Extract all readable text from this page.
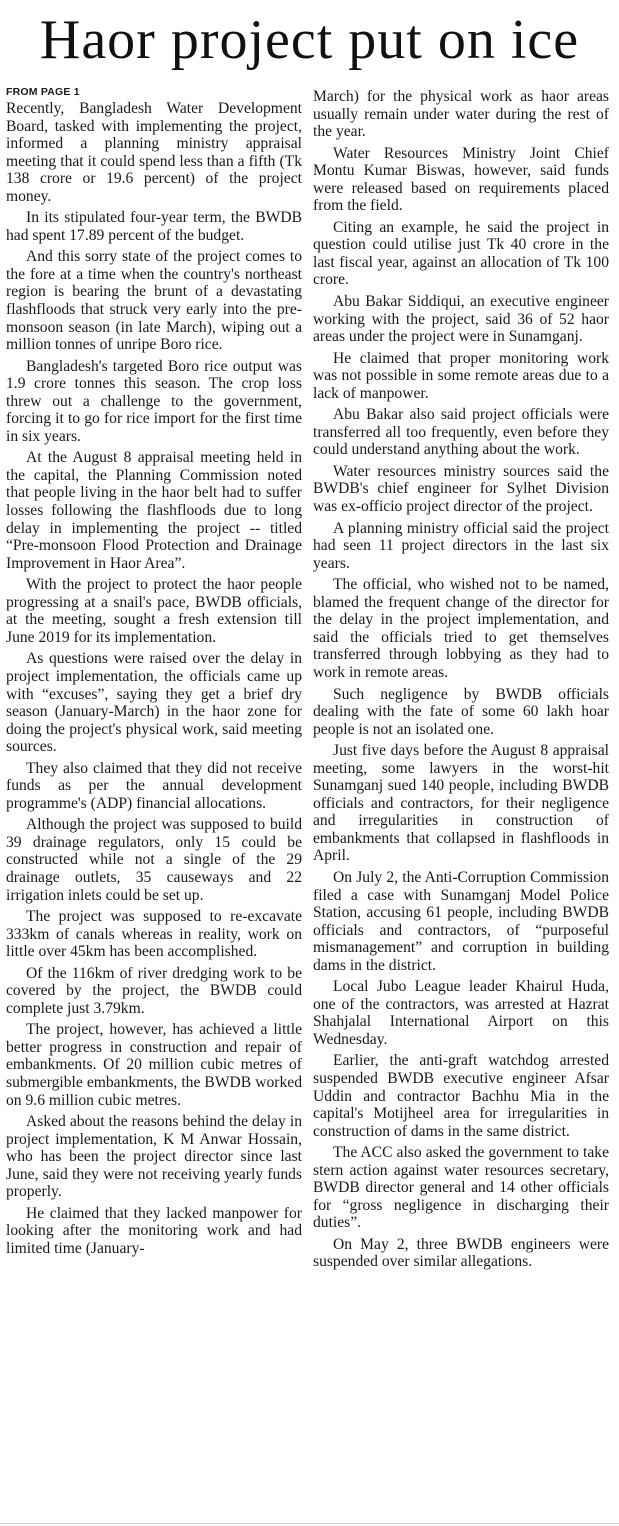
Haor project put on ice
FROM PAGE 1

Recently, Bangladesh Water Development Board, tasked with implementing the project, informed a planning ministry appraisal meeting that it could spend less than a fifth (Tk 138 crore or 19.6 percent) of the project money.

In its stipulated four-year term, the BWDB had spent 17.89 percent of the budget.

And this sorry state of the project comes to the fore at a time when the country's northeast region is bearing the brunt of a devastating flashfloods that struck very early into the pre-monsoon season (in late March), wiping out a million tonnes of unripe Boro rice.

Bangladesh's targeted Boro rice output was 1.9 crore tonnes this season. The crop loss threw out a challenge to the government, forcing it to go for rice import for the first time in six years.

At the August 8 appraisal meeting held in the capital, the Planning Commission noted that people living in the haor belt had to suffer losses following the flashfloods due to long delay in implementing the project -- titled “Pre-monsoon Flood Protection and Drainage Improvement in Haor Area”.

With the project to protect the haor people progressing at a snail's pace, BWDB officials, at the meeting, sought a fresh extension till June 2019 for its implementation.

As questions were raised over the delay in project implementation, the officials came up with “excuses”, saying they get a brief dry season (January-March) in the haor zone for doing the project's physical work, said meeting sources.

They also claimed that they did not receive funds as per the annual development programme's (ADP) financial allocations.

Although the project was supposed to build 39 drainage regulators, only 15 could be constructed while not a single of the 29 drainage outlets, 35 causeways and 22 irrigation inlets could be set up.

The project was supposed to re-excavate 333km of canals whereas in reality, work on little over 45km has been accomplished.

Of the 116km of river dredging work to be covered by the project, the BWDB could complete just 3.79km.

The project, however, has achieved a little better progress in construction and repair of embankments. Of 20 million cubic metres of submergible embankments, the BWDB worked on 9.6 million cubic metres.

Asked about the reasons behind the delay in project implementation, K M Anwar Hossain, who has been the project director since last June, said they were not receiving yearly funds properly.

He claimed that they lacked manpower for looking after the monitoring work and had limited time (January-

March) for the physical work as haor areas usually remain under water during the rest of the year.

Water Resources Ministry Joint Chief Montu Kumar Biswas, however, said funds were released based on requirements placed from the field.

Citing an example, he said the project in question could utilise just Tk 40 crore in the last fiscal year, against an allocation of Tk 100 crore.

Abu Bakar Siddiqui, an executive engineer working with the project, said 36 of 52 haor areas under the project were in Sunamganj.

He claimed that proper monitoring work was not possible in some remote areas due to a lack of manpower.

Abu Bakar also said project officials were transferred all too frequently, even before they could understand anything about the work.

Water resources ministry sources said the BWDB's chief engineer for Sylhet Division was ex-officio project director of the project.

A planning ministry official said the project had seen 11 project directors in the last six years.

The official, who wished not to be named, blamed the frequent change of the director for the delay in the project implementation, and said the officials tried to get themselves transferred through lobbying as they had to work in remote areas.

Such negligence by BWDB officials dealing with the fate of some 60 lakh hoar people is not an isolated one.

Just five days before the August 8 appraisal meeting, some lawyers in the worst-hit Sunamganj sued 140 people, including BWDB officials and contractors, for their negligence and irregularities in construction of embankments that collapsed in flashfloods in April.

On July 2, the Anti-Corruption Commission filed a case with Sunamganj Model Police Station, accusing 61 people, including BWDB officials and contractors, of “purposeful mismanagement” and corruption in building dams in the district.

Local Jubo League leader Khairul Huda, one of the contractors, was arrested at Hazrat Shahjalal International Airport on this Wednesday.

Earlier, the anti-graft watchdog arrested suspended BWDB executive engineer Afsar Uddin and contractor Bachhu Mia in the capital's Motijheel area for irregularities in construction of dams in the same district.

The ACC also asked the government to take stern action against water resources secretary, BWDB director general and 14 other officials for “gross negligence in discharging their duties”.

On May 2, three BWDB engineers were suspended over similar allegations.
